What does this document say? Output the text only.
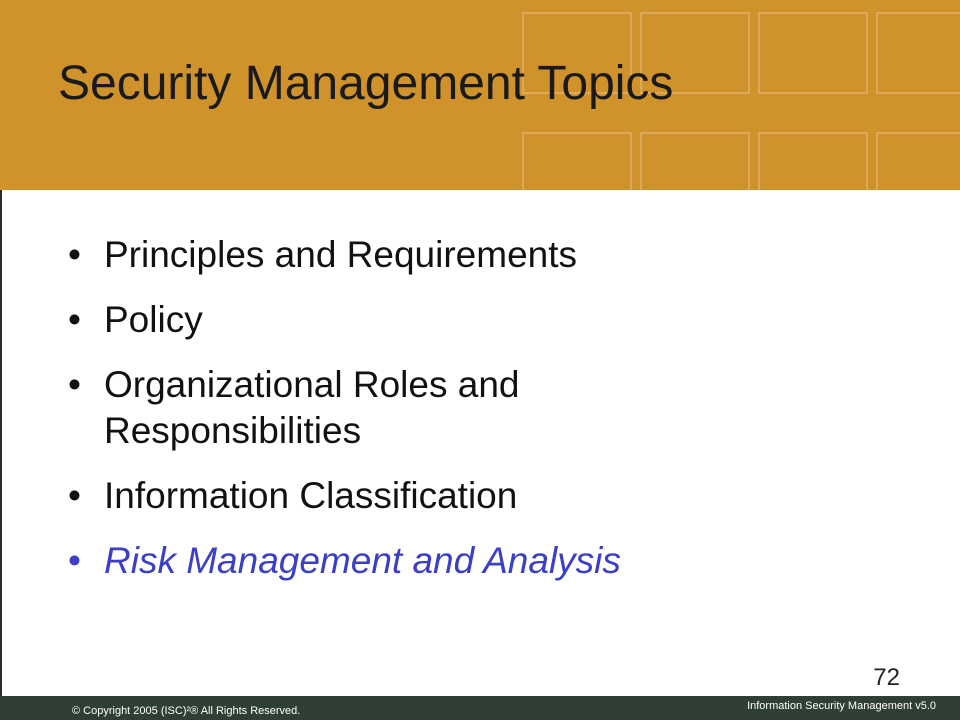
Security Management Topics
• Principles and Requirements
• Policy
• Organizational Roles and Responsibilities
• Information Classification
• Risk Management and Analysis
72
© Copyright 2005 (ISC)²® All Rights Reserved.	Information Security Management v5.0
